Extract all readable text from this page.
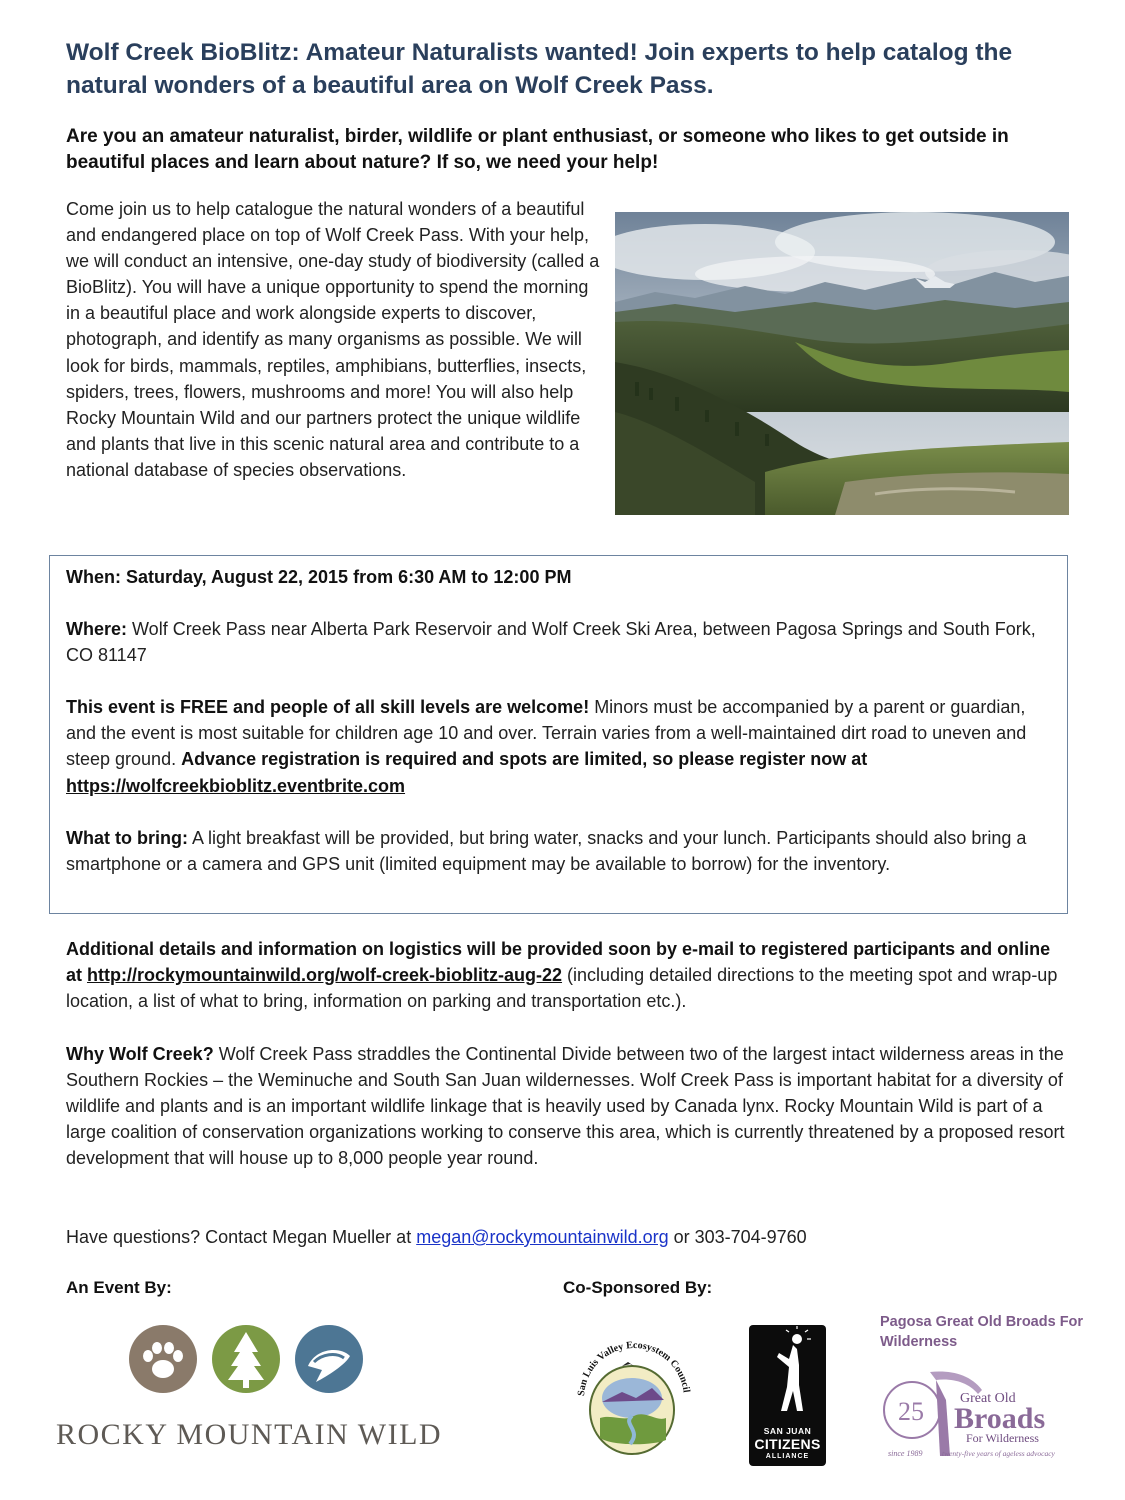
Wolf Creek BioBlitz: Amateur Naturalists wanted! Join experts to help catalog the natural wonders of a beautiful area on Wolf Creek Pass.

Are you an amateur naturalist, birder, wildlife or plant enthusiast, or someone who likes to get outside in beautiful places and learn about nature? If so, we need your help!

Come join us to help catalogue the natural wonders of a beautiful and endangered place on top of Wolf Creek Pass. With your help, we will conduct an intensive, one-day study of biodiversity (called a BioBlitz). You will have a unique opportunity to spend the morning in a beautiful place and work alongside experts to discover, photograph, and identify as many organisms as possible. We will look for birds, mammals, reptiles, amphibians, butterflies, insects, spiders, trees, flowers, mushrooms and more! You will also help Rocky Mountain Wild and our partners protect the unique wildlife and plants that live in this scenic natural area and contribute to a national database of species observations.

When: Saturday, August 22, 2015 from 6:30 AM to 12:00 PM

Where: Wolf Creek Pass near Alberta Park Reservoir and Wolf Creek Ski Area, between Pagosa Springs and South Fork, CO 81147

This event is FREE and people of all skill levels are welcome! Minors must be accompanied by a parent or guardian, and the event is most suitable for children age 10 and over. Terrain varies from a well-maintained dirt road to uneven and steep ground. Advance registration is required and spots are limited, so please register now at https://wolfcreekbioblitz.eventbrite.com

What to bring: A light breakfast will be provided, but bring water, snacks and your lunch. Participants should also bring a smartphone or a camera and GPS unit (limited equipment may be available to borrow) for the inventory.

Additional details and information on logistics will be provided soon by e-mail to registered participants and online at http://rockymountainwild.org/wolf-creek-bioblitz-aug-22 (including detailed directions to the meeting spot and wrap-up location, a list of what to bring, information on parking and transportation etc.).

Why Wolf Creek? Wolf Creek Pass straddles the Continental Divide between two of the largest intact wilderness areas in the Southern Rockies – the Weminuche and South San Juan wildernesses. Wolf Creek Pass is important habitat for a diversity of wildlife and plants and is an important wildlife linkage that is heavily used by Canada lynx. Rocky Mountain Wild is part of a large coalition of conservation organizations working to conserve this area, which is currently threatened by a proposed resort development that will house up to 8,000 people year round.

Have questions? Contact Megan Mueller at megan@rockymountainwild.org or 303-704-9760

An Event By:	Co-Sponsored By:

ROCKY MOUNTAIN WILD

San Luis Valley Ecosystem Council
SAN JUAN
CITIZENS
ALLIANCE

Pagosa Great Old Broads For Wilderness

25	Great Old
Broads
For Wilderness
since 1989	twenty-five years of ageless advocacy
